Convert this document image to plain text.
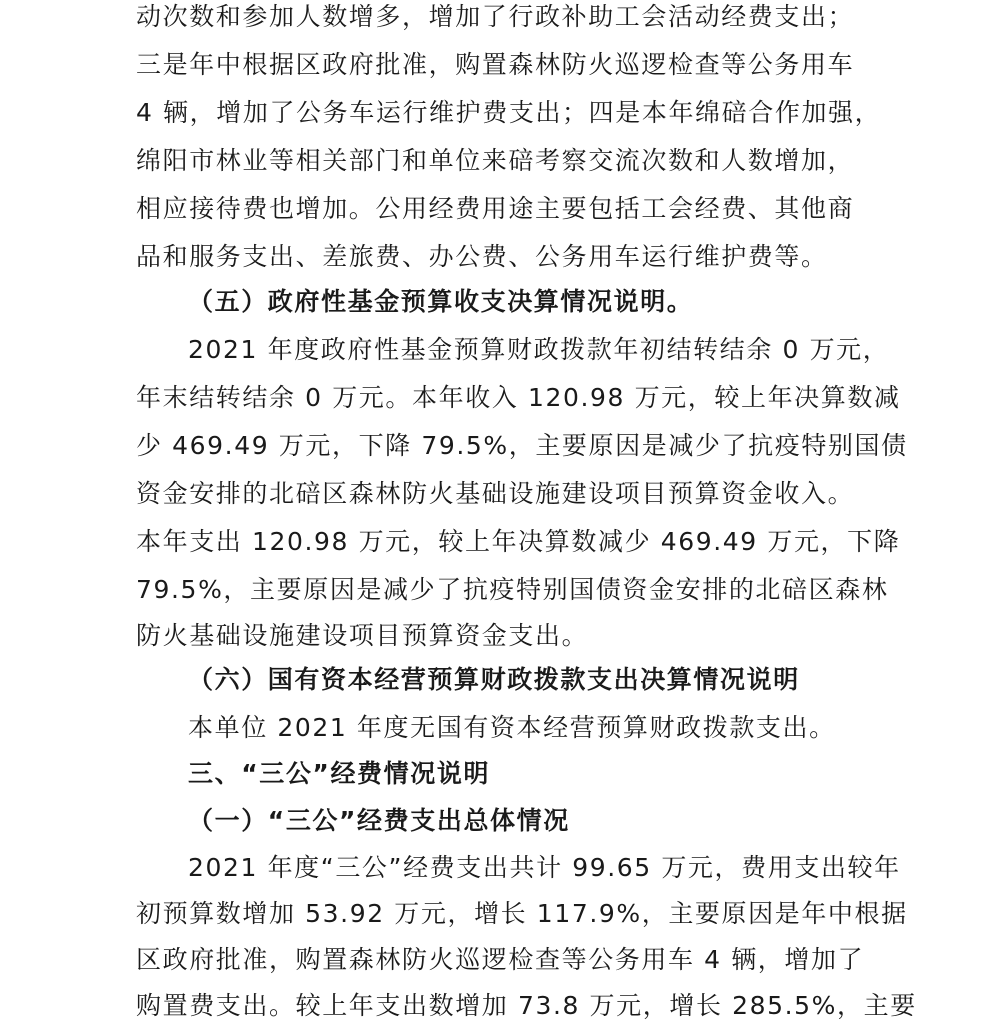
动次数和参加人数增多，增加了行政补助工会活动经费支出；
三是年中根据区政府批准，购置森林防火巡逻检查等公务用车
4 辆，增加了公务车运行维护费支出；四是本年绵碚合作加强，
绵阳市林业等相关部门和单位来碚考察交流次数和人数增加，
相应接待费也增加。公用经费用途主要包括工会经费、其他商
品和服务支出、差旅费、办公费、公务用车运行维护费等。
（五）政府性基金预算收支决算情况说明。
2021 年度政府性基金预算财政拨款年初结转结余 0 万元，
年末结转结余 0 万元。本年收入 120.98 万元，较上年决算数减
少 469.49 万元，下降 79.5%，主要原因是减少了抗疫特别国债
资金安排的北碚区森林防火基础设施建设项目预算资金收入。
本年支出 120.98 万元，较上年决算数减少 469.49 万元，下降
79.5%，主要原因是减少了抗疫特别国债资金安排的北碚区森林
防火基础设施建设项目预算资金支出。
（六）国有资本经营预算财政拨款支出决算情况说明
本单位 2021 年度无国有资本经营预算财政拨款支出。
三、“三公”经费情况说明
（一）“三公”经费支出总体情况
2021 年度“三公”经费支出共计 99.65 万元，费用支出较年
初预算数增加 53.92 万元，增长 117.9%，主要原因是年中根据
区政府批准，购置森林防火巡逻检查等公务用车 4 辆，增加了
购置费支出。较上年支出数增加 73.8 万元，增长 285.5%，主要
